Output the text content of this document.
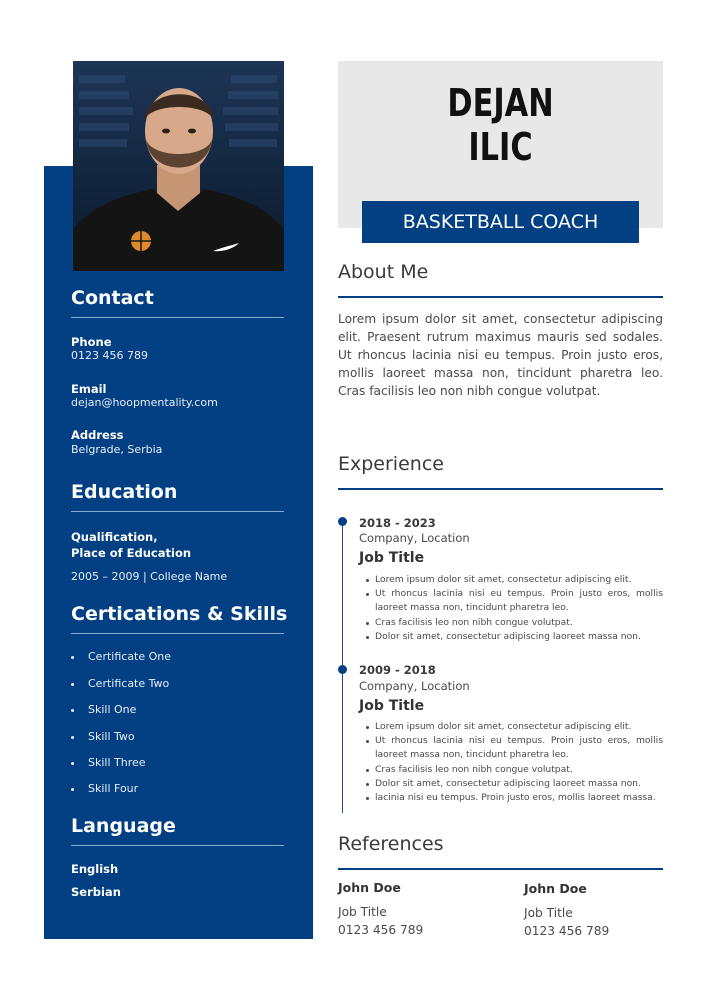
Contact
Phone
0123 456 789
Email
dejan@hoopmentality.com
Address
Belgrade, Serbia
Education
Qualification,
Place of Education
2005 – 2009 | College Name
Certications & Skills
Certificate One
Certificate Two
Skill One
Skill Two
Skill Three
Skill Four
Language
English
Serbian
DEJAN
ILIC
BASKETBALL COACH
About Me
Lorem ipsum dolor sit amet, consectetur adipiscing elit. Praesent rutrum maximus mauris sed sodales. Ut rhoncus lacinia nisi eu tempus. Proin justo eros, mollis laoreet massa non, tincidunt pharetra leo. Cras facilisis leo non nibh congue volutpat.
Experience
2018 - 2023
Company, Location
Job Title
Lorem ipsum dolor sit amet, consectetur adipiscing elit.
Ut rhoncus lacinia nisi eu tempus. Proin justo eros, mollis laoreet massa non, tincidunt pharetra leo.
Cras facilisis leo non nibh congue volutpat.
Dolor sit amet, consectetur adipiscing laoreet massa non.
2009 - 2018
Company, Location
Job Title
Lorem ipsum dolor sit amet, consectetur adipiscing elit.
Ut rhoncus lacinia nisi eu tempus. Proin justo eros, mollis laoreet massa non, tincidunt pharetra leo.
Cras facilisis leo non nibh congue volutpat.
Dolor sit amet, consectetur adipiscing laoreet massa non.
lacinia nisi eu tempus. Proin justo eros, mollis laoreet massa.
References
John Doe
Job Title
0123 456 789
John Doe
Job Title
0123 456 789
